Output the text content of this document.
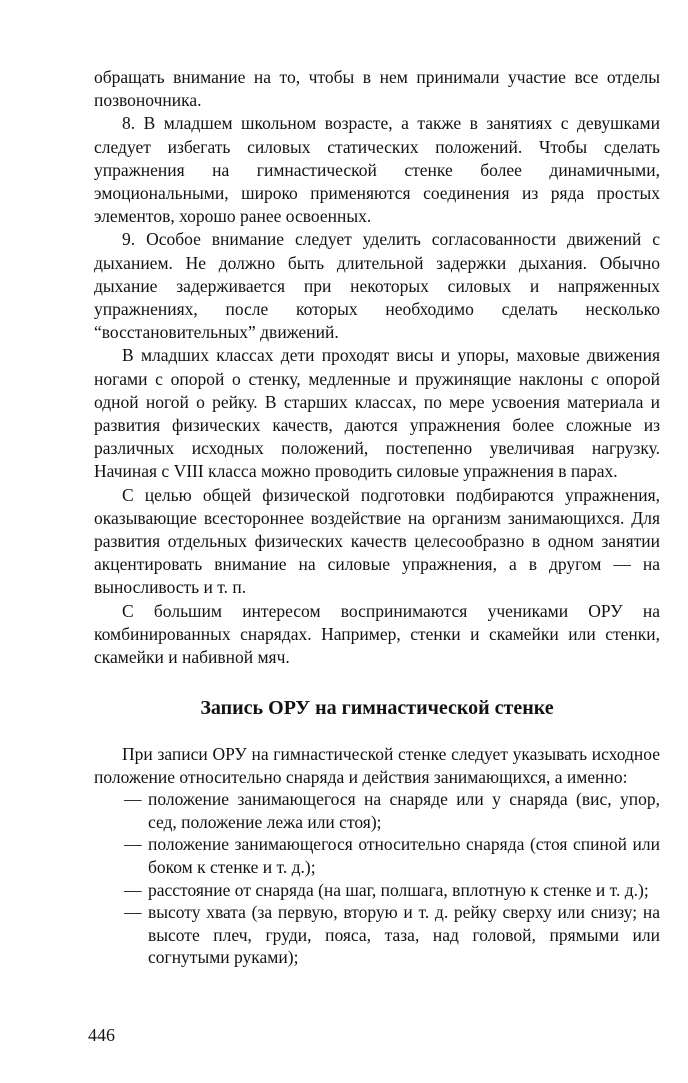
обращать внимание на то, чтобы в нем принимали участие все отделы позвоночника.

8. В младшем школьном возрасте, а также в занятиях с девушками следует избегать силовых статических положений. Чтобы сделать упражнения на гимнастической стенке более динамичными, эмоциональными, широко применяются соединения из ряда простых элементов, хорошо ранее освоенных.

9. Особое внимание следует уделить согласованности движений с дыханием. Не должно быть длительной задержки дыхания. Обычно дыхание задерживается при некоторых силовых и напряженных упражнениях, после которых необходимо сделать несколько “восстановительных” движений.

В младших классах дети проходят висы и упоры, маховые движения ногами с опорой о стенку, медленные и пружинящие наклоны с опорой одной ногой о рейку. В старших классах, по мере усвоения материала и развития физических качеств, даются упражнения более сложные из различных исходных положений, постепенно увеличивая нагрузку. Начиная с VIII класса можно проводить силовые упражнения в парах.

С целью общей физической подготовки подбираются упражнения, оказывающие всестороннее воздействие на организм занимающихся. Для развития отдельных физических качеств целесообразно в одном занятии акцентировать внимание на силовые упражнения, а в другом — на выносливость и т. п.

С большим интересом воспринимаются учениками ОРУ на комбинированных снарядах. Например, стенки и скамейки или стенки, скамейки и набивной мяч.

Запись ОРУ на гимнастической стенке

При записи ОРУ на гимнастической стенке следует указывать исходное положение относительно снаряда и действия занимающихся, а именно:

— положение занимающегося на снаряде или у снаряда (вис, упор, сед, положение лежа или стоя);
— положение занимающегося относительно снаряда (стоя спиной или боком к стенке и т. д.);
— расстояние от снаряда (на шаг, полшага, вплотную к стенке и т. д.);
— высоту хвата (за первую, вторую и т. д. рейку сверху или снизу; на высоте плеч, груди, пояса, таза, над головой, прямыми или согнутыми руками);
446
